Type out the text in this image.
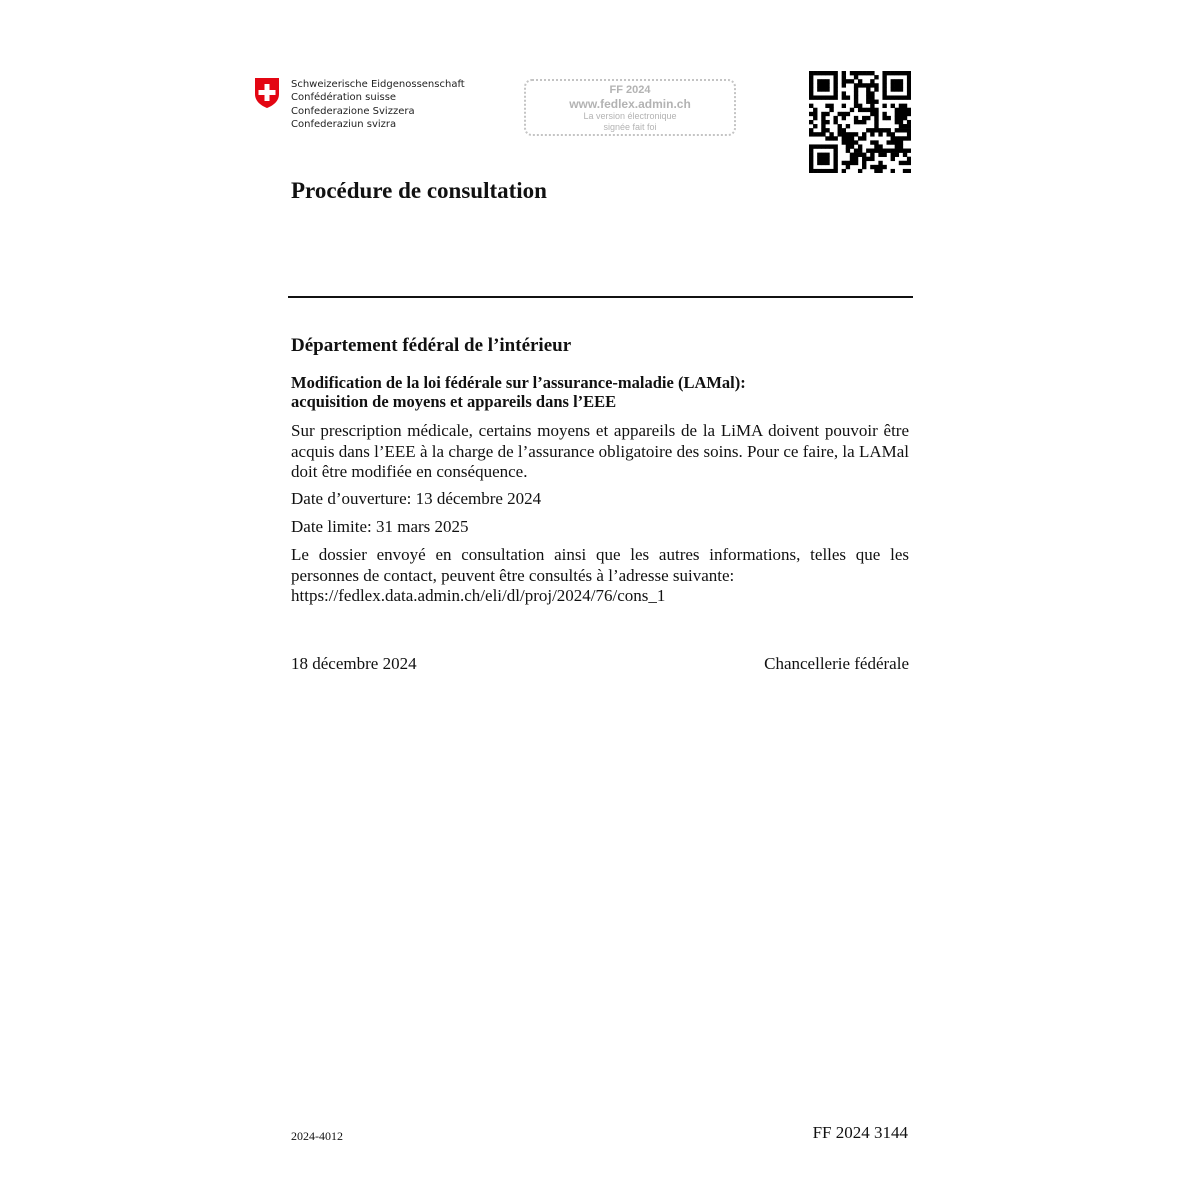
Schweizerische Eidgenossenschaft
Confédération suisse
Confederazione Svizzera
Confederaziun svizra
FF 2024
www.fedlex.admin.ch
La version électronique
signée fait foi
Procédure de consultation
Département fédéral de l’intérieur
Modification de la loi fédérale sur l’assurance-maladie (LAMal):
acquisition de moyens et appareils dans l’EEE
Sur prescription médicale, certains moyens et appareils de la LiMA doivent pouvoir être acquis dans l’EEE à la charge de l’assurance obligatoire des soins. Pour ce faire, la LAMal doit être modifiée en conséquence.
Date d’ouverture: 13 décembre 2024
Date limite: 31 mars 2025
Le dossier envoyé en consultation ainsi que les autres informations, telles que les personnes de contact, peuvent être consultés à l’adresse suivante:
https://fedlex.data.admin.ch/eli/dl/proj/2024/76/cons_1
18 décembre 2024	Chancellerie fédérale
2024-4012	FF 2024 3144
